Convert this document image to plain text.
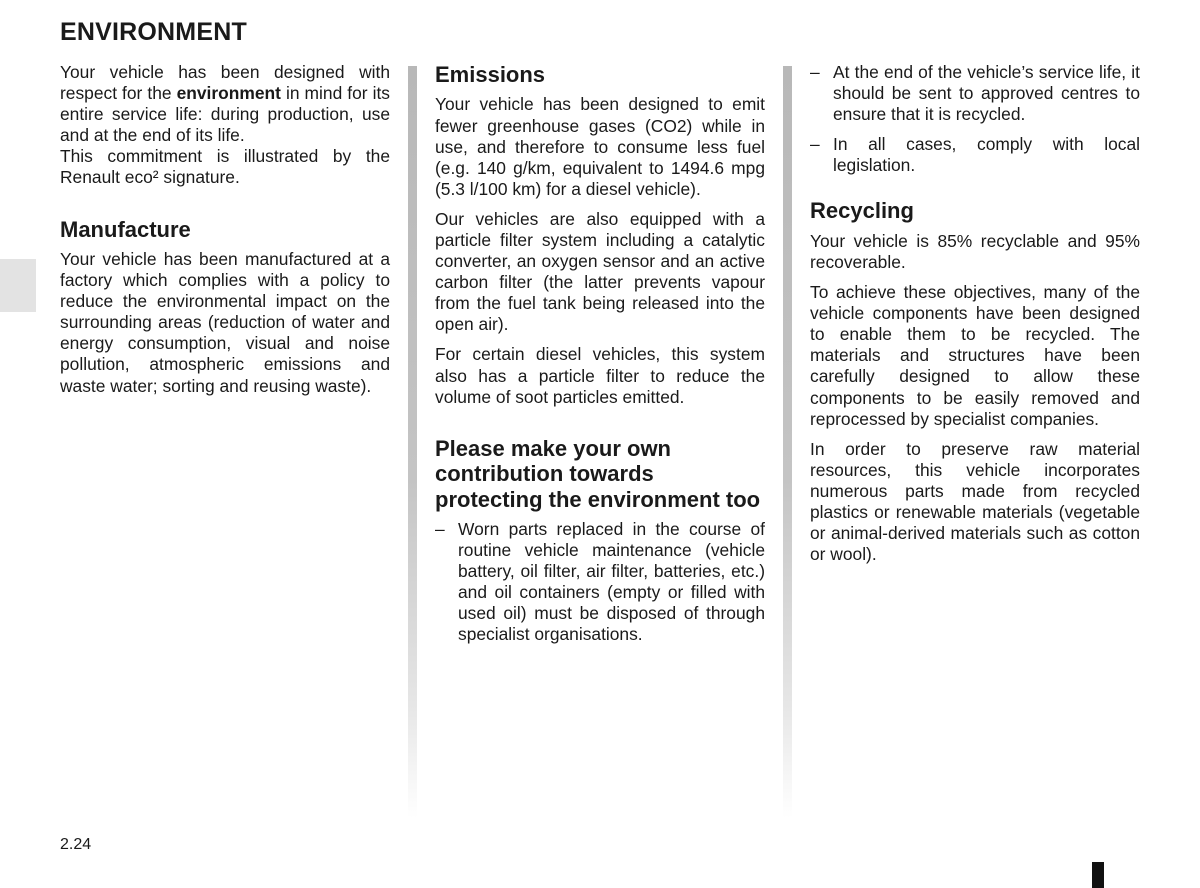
ENVIRONMENT

Your vehicle has been designed with respect for the environment in mind for its entire service life: during production, use and at the end of its life.

This commitment is illustrated by the Renault eco² signature.

Manufacture

Your vehicle has been manufactured at a factory which complies with a policy to reduce the environmental impact on the surrounding areas (reduction of water and energy consumption, visual and noise pollution, atmospheric emissions and waste water; sorting and reusing waste).

Emissions

Your vehicle has been designed to emit fewer greenhouse gases (CO2) while in use, and therefore to consume less fuel (e.g. 140 g/km, equivalent to 1494.6 mpg (5.3 l/100 km) for a diesel vehicle).

Our vehicles are also equipped with a particle filter system including a catalytic converter, an oxygen sensor and an active carbon filter (the latter prevents vapour from the fuel tank being released into the open air).

For certain diesel vehicles, this system also has a particle filter to reduce the volume of soot particles emitted.

Please make your own contribution towards protecting the environment too
– Worn parts replaced in the course of routine vehicle maintenance (vehicle battery, oil filter, air filter, batteries, etc.) and oil containers (empty or filled with used oil) must be disposed of through specialist organisations.
– At the end of the vehicle’s service life, it should be sent to approved centres to ensure that it is recycled.
– In all cases, comply with local legislation.
Recycling

Your vehicle is 85% recyclable and 95% recoverable.

To achieve these objectives, many of the vehicle components have been designed to enable them to be recycled. The materials and structures have been carefully designed to allow these components to be easily removed and reprocessed by specialist companies.

In order to preserve raw material resources, this vehicle incorporates numerous parts made from recycled plastics or renewable materials (vegetable or animal-derived materials such as cotton or wool).

2.24
